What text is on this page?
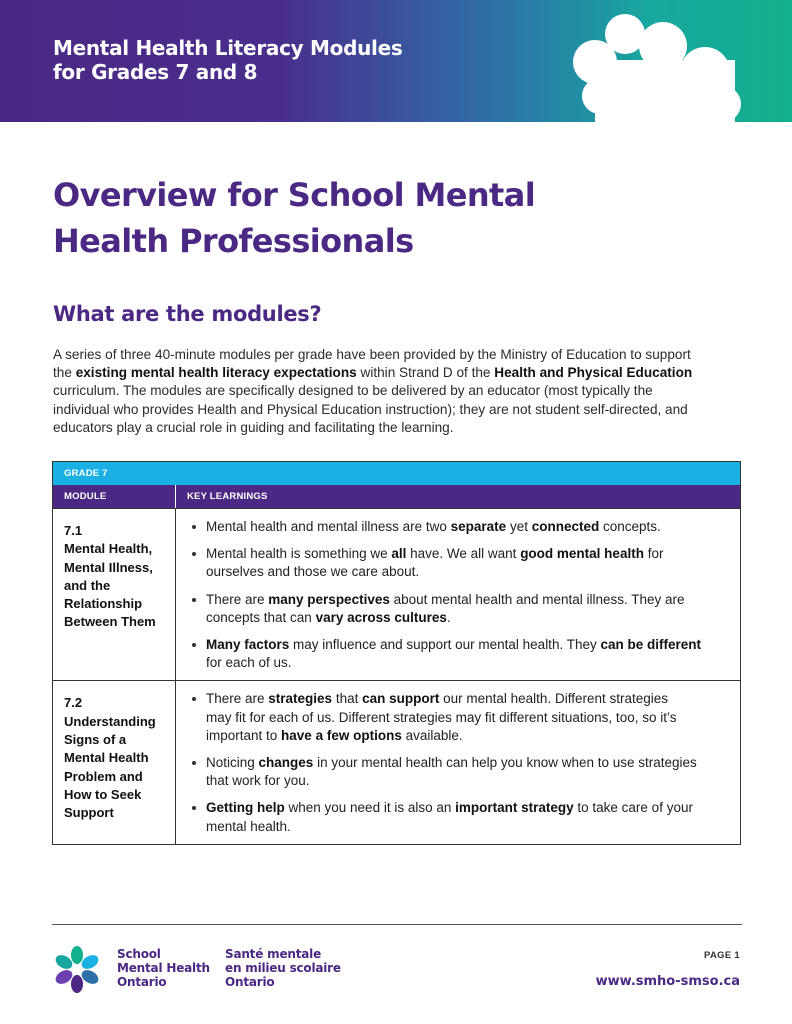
Mental Health Literacy Modules
for Grades 7 and 8
Overview for School Mental
Health Professionals
What are the modules?
A series of three 40-minute modules per grade have been provided by the Ministry of Education to support
the existing mental health literacy expectations within Strand D of the Health and Physical Education
curriculum. The modules are specifically designed to be delivered by an educator (most typically the
individual who provides Health and Physical Education instruction); they are not student self-directed, and
educators play a crucial role in guiding and facilitating the learning.
GRADE 7
MODULE	KEY LEARNINGS
7.1
Mental Health,
Mental Illness,
and the
Relationship
Between Them
Mental health and mental illness are two separate yet connected concepts.
Mental health is something we all have. We all want good mental health for
ourselves and those we care about.
There are many perspectives about mental health and mental illness. They are
concepts that can vary across cultures.
Many factors may influence and support our mental health. They can be different
for each of us.
7.2
Understanding
Signs of a
Mental Health
Problem and
How to Seek
Support
There are strategies that can support our mental health. Different strategies
may fit for each of us. Different strategies may fit different situations, too, so it’s
important to have a few options available.
Noticing changes in your mental health can help you know when to use strategies
that work for you.
Getting help when you need it is also an important strategy to take care of your
mental health.
School
Mental Health
Ontario
Santé mentale
en milieu scolaire
Ontario
PAGE 1
www.smho-smso.ca
